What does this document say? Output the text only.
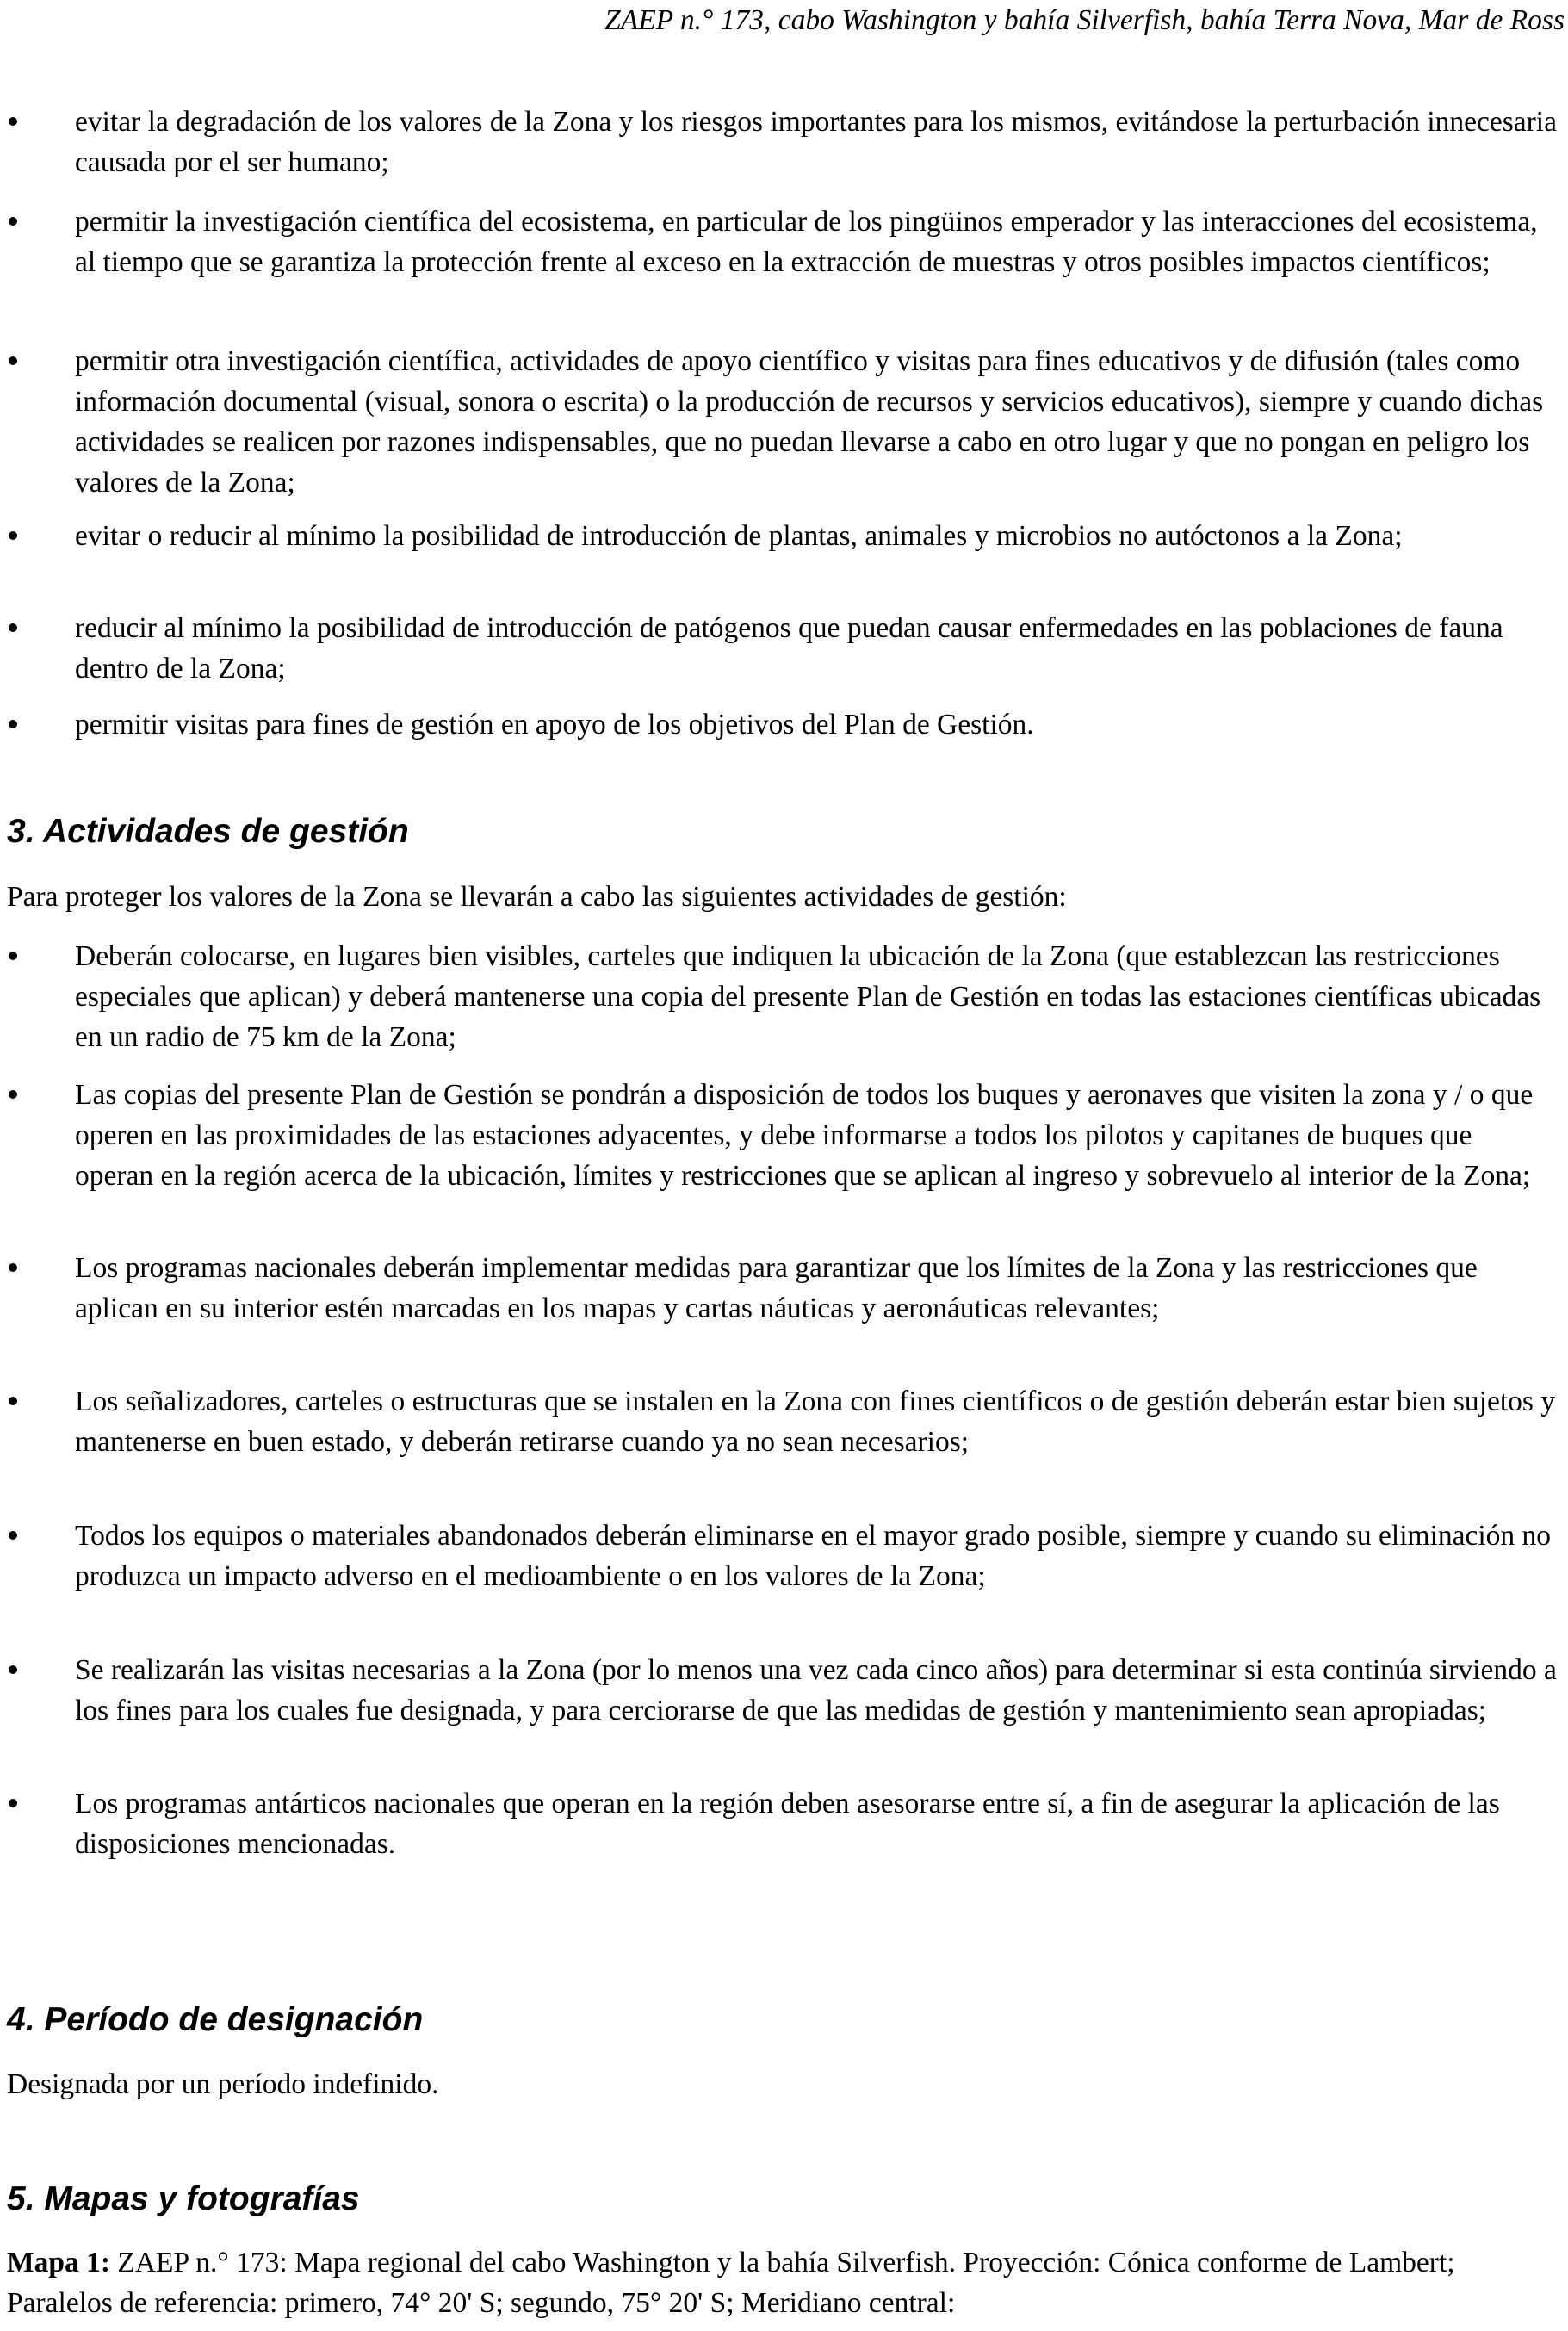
ZAEP n.° 173, cabo Washington y bahía Silverfish, bahía Terra Nova, Mar de Ross
evitar la degradación de los valores de la Zona y los riesgos importantes para los mismos, evitándose la perturbación innecesaria causada por el ser humano;
permitir la investigación científica del ecosistema, en particular de los pingüinos emperador y las interacciones del ecosistema, al tiempo que se garantiza la protección frente al exceso en la extracción de muestras y otros posibles impactos científicos;
permitir otra investigación científica, actividades de apoyo científico y visitas para fines educativos y de difusión (tales como información documental (visual, sonora o escrita) o la producción de recursos y servicios educativos), siempre y cuando dichas actividades se realicen por razones indispensables, que no puedan llevarse a cabo en otro lugar y que no pongan en peligro los valores de la Zona;
evitar o reducir al mínimo la posibilidad de introducción de plantas, animales y microbios no autóctonos a la Zona;
reducir al mínimo la posibilidad de introducción de patógenos que puedan causar enfermedades en las poblaciones de fauna dentro de la Zona;
permitir visitas para fines de gestión en apoyo de los objetivos del Plan de Gestión.
3. Actividades de gestión

Para proteger los valores de la Zona se llevarán a cabo las siguientes actividades de gestión:

Deberán colocarse, en lugares bien visibles, carteles que indiquen la ubicación de la Zona (que establezcan las restricciones especiales que aplican) y deberá mantenerse una copia del presente Plan de Gestión en todas las estaciones científicas ubicadas en un radio de 75 km de la Zona;
Las copias del presente Plan de Gestión se pondrán a disposición de todos los buques y aeronaves que visiten la zona y / o que operen en las proximidades de las estaciones adyacentes, y debe informarse a todos los pilotos y capitanes de buques que operan en la región acerca de la ubicación, límites y restricciones que se aplican al ingreso y sobrevuelo al interior de la Zona;
Los programas nacionales deberán implementar medidas para garantizar que los límites de la Zona y las restricciones que aplican en su interior estén marcadas en los mapas y cartas náuticas y aeronáuticas relevantes;
Los señalizadores, carteles o estructuras que se instalen en la Zona con fines científicos o de gestión deberán estar bien sujetos y mantenerse en buen estado, y deberán retirarse cuando ya no sean necesarios;
Todos los equipos o materiales abandonados deberán eliminarse en el mayor grado posible, siempre y cuando su eliminación no produzca un impacto adverso en el medioambiente o en los valores de la Zona;
Se realizarán las visitas necesarias a la Zona (por lo menos una vez cada cinco años) para determinar si esta continúa sirviendo a los fines para los cuales fue designada, y para cerciorarse de que las medidas de gestión y mantenimiento sean apropiadas;
Los programas antárticos nacionales que operan en la región deben asesorarse entre sí, a fin de asegurar la aplicación de las disposiciones mencionadas.
4. Período de designación

Designada por un período indefinido.

5. Mapas y fotografías

Mapa 1: ZAEP n.° 173: Mapa regional del cabo Washington y la bahía Silverfish. Proyección: Cónica conforme de Lambert; Paralelos de referencia: primero, 74° 20' S; segundo, 75° 20' S; Meridiano central:
